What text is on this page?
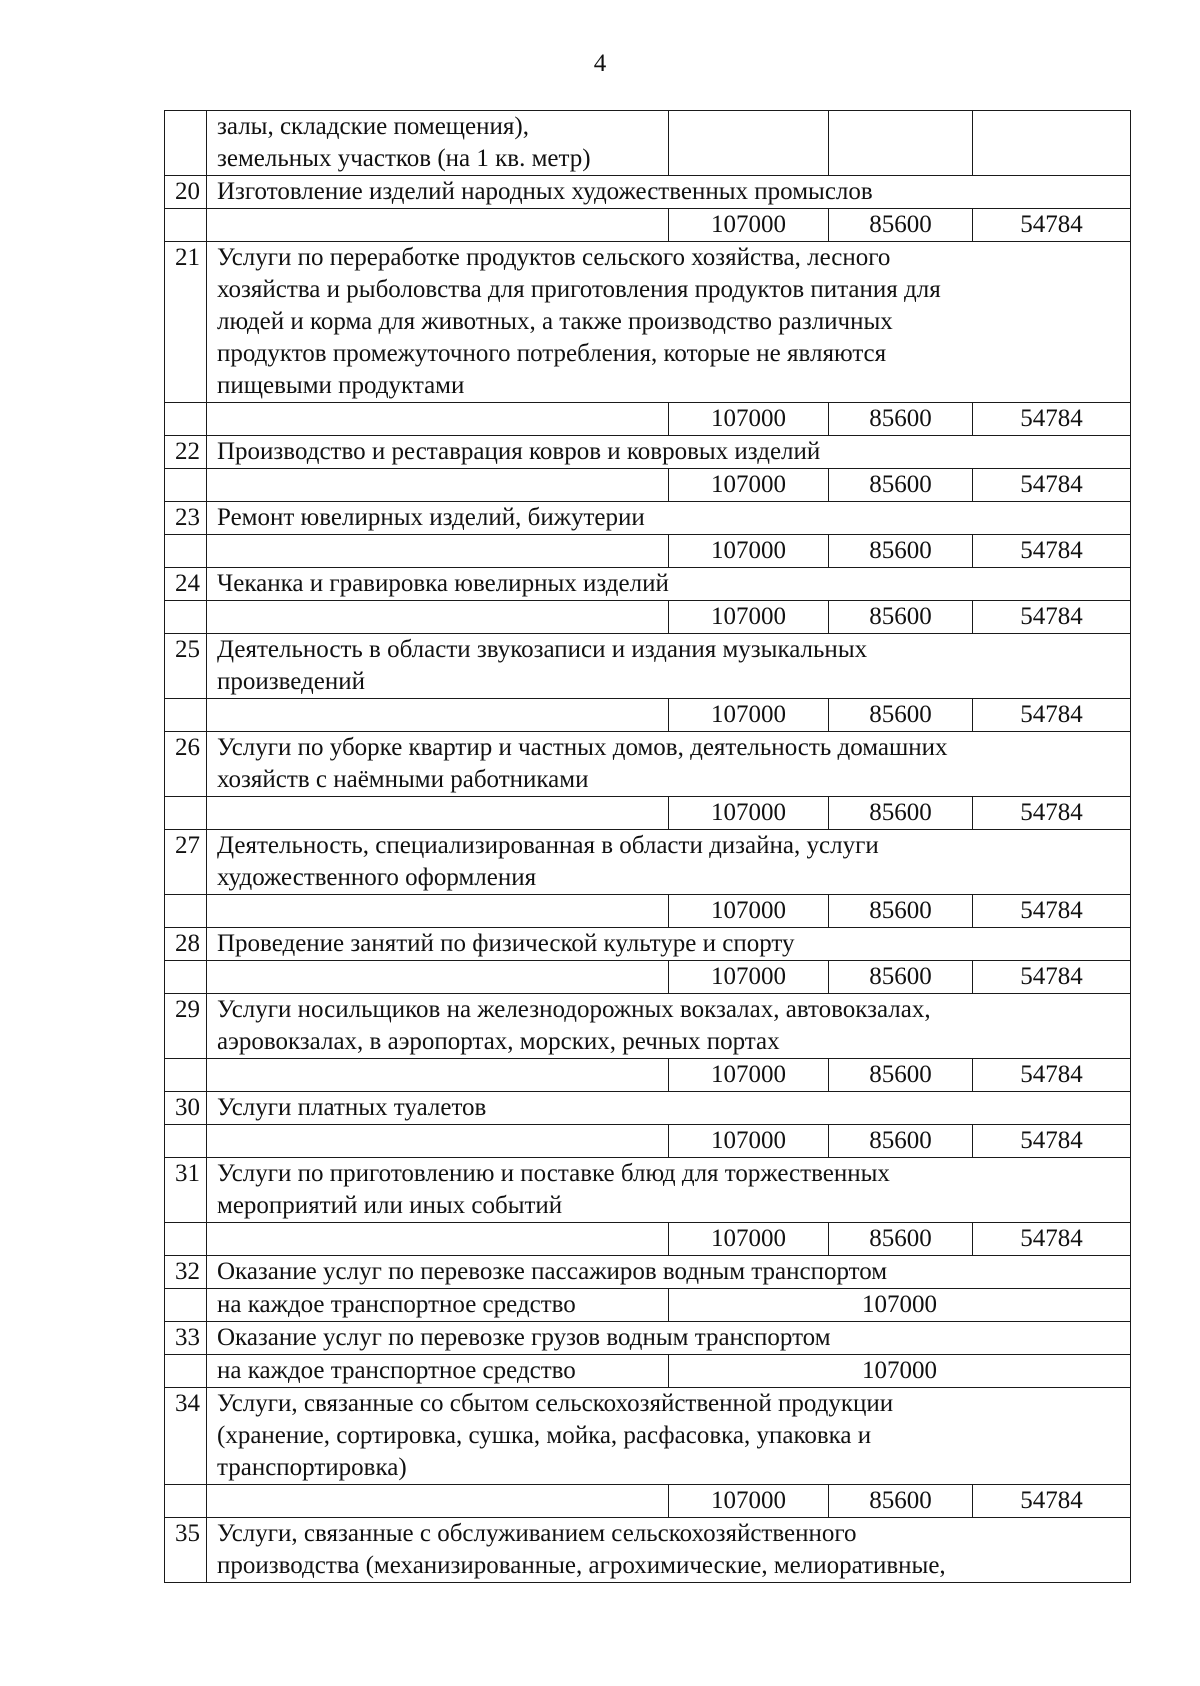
4

	залы, складские помещения),
земельных участков (на 1 кв. метр)			

20	Изготовление изделий народных художественных промыслов			

		107000	85600	54784
21	Услуги по переработке продуктов сельского хозяйства, лесного
хозяйства и рыболовства для приготовления продуктов питания для
людей и корма для животных, а также производство различных
продуктов промежуточного потребления, которые не являются
пищевыми продуктами			

		107000	85600	54784
22	Производство и реставрация ковров и ковровых изделий			

		107000	85600	54784
23	Ремонт ювелирных изделий, бижутерии			

		107000	85600	54784
24	Чеканка и гравировка ювелирных изделий			

		107000	85600	54784
25	Деятельность в области звукозаписи и издания музыкальных
произведений			

		107000	85600	54784
26	Услуги по уборке квартир и частных домов, деятельность домашних
хозяйств с наёмными работниками			

		107000	85600	54784
27	Деятельность, специализированная в области дизайна, услуги
художественного оформления			

		107000	85600	54784
28	Проведение занятий по физической культуре и спорту			

		107000	85600	54784
29	Услуги носильщиков на железнодорожных вокзалах, автовокзалах,
аэровокзалах, в аэропортах, морских, речных портах			

		107000	85600	54784
30	Услуги платных туалетов			

		107000	85600	54784
31	Услуги по приготовлению и поставке блюд для торжественных
мероприятий или иных событий			

		107000	85600	54784
32	Оказание услуг по перевозке пассажиров водным транспортом			

	на каждое транспортное средство	107000		
33	Оказание услуг по перевозке грузов водным транспортом			

	на каждое транспортное средство	107000		
34	Услуги, связанные со сбытом сельскохозяйственной продукции
(хранение, сортировка, сушка, мойка, расфасовка, упаковка и
транспортировка)			

		107000	85600	54784
35	Услуги, связанные с обслуживанием сельскохозяйственного
производства (механизированные, агрохимические, мелиоративные,			
